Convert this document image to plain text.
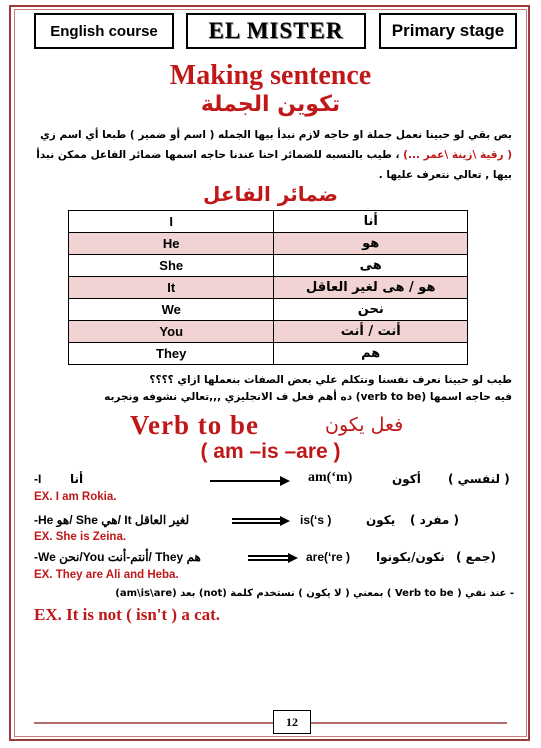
English course	EL MISTER	Primary stage
Making sentence
تكوين الجملة
بص بقي لو حبينا نعمل جملة او حاجه لازم نبدأ بيها الجمله ( اسم أو ضمير ) طبعا أي اسم زي
( رقية \زينة \عمر ...) ، طيب بالنسبه للضمائر احنا عندنا حاجه اسمها ضمائر الفاعل ممكن نبدأ
بيها , تعالي نتعرف عليها .
ضمائر الفاعل
I	أنا
He	هو
She	هى
It	هو / هى لغير العاقل
We	نحن
You	أنت / أنت
They	هم
طيب لو حبينا نعرف نفسنا ونتكلم علي بعض الصفات بنعملها ازاي ؟؟؟؟
فيه حاجه اسمها (verb to be) ده أهم فعل ف الانجليزي ,,,تعالي نشوفه ونجربه
Verb to be	فعل يكون
( am –is –are )
-I أنا	am(‘m)	أكون ( لنفسي )
EX. I am Rokia.
-He هو/ She هي/ It لغير العاقل	is(‘s )	يكون ( مفرد )
EX. She is Zeina.
-We نحن/You أنتم-أنت/ They هم	are(‘re ) نكون/يكونوا (جمع )
EX. They are Ali and Heba.
- عند نفي ( Verb to be ) بمعني ( لا يكون ) نستخدم كلمة (not) بعد (am\is\are)
EX. It is not ( isn't ) a cat.
12
